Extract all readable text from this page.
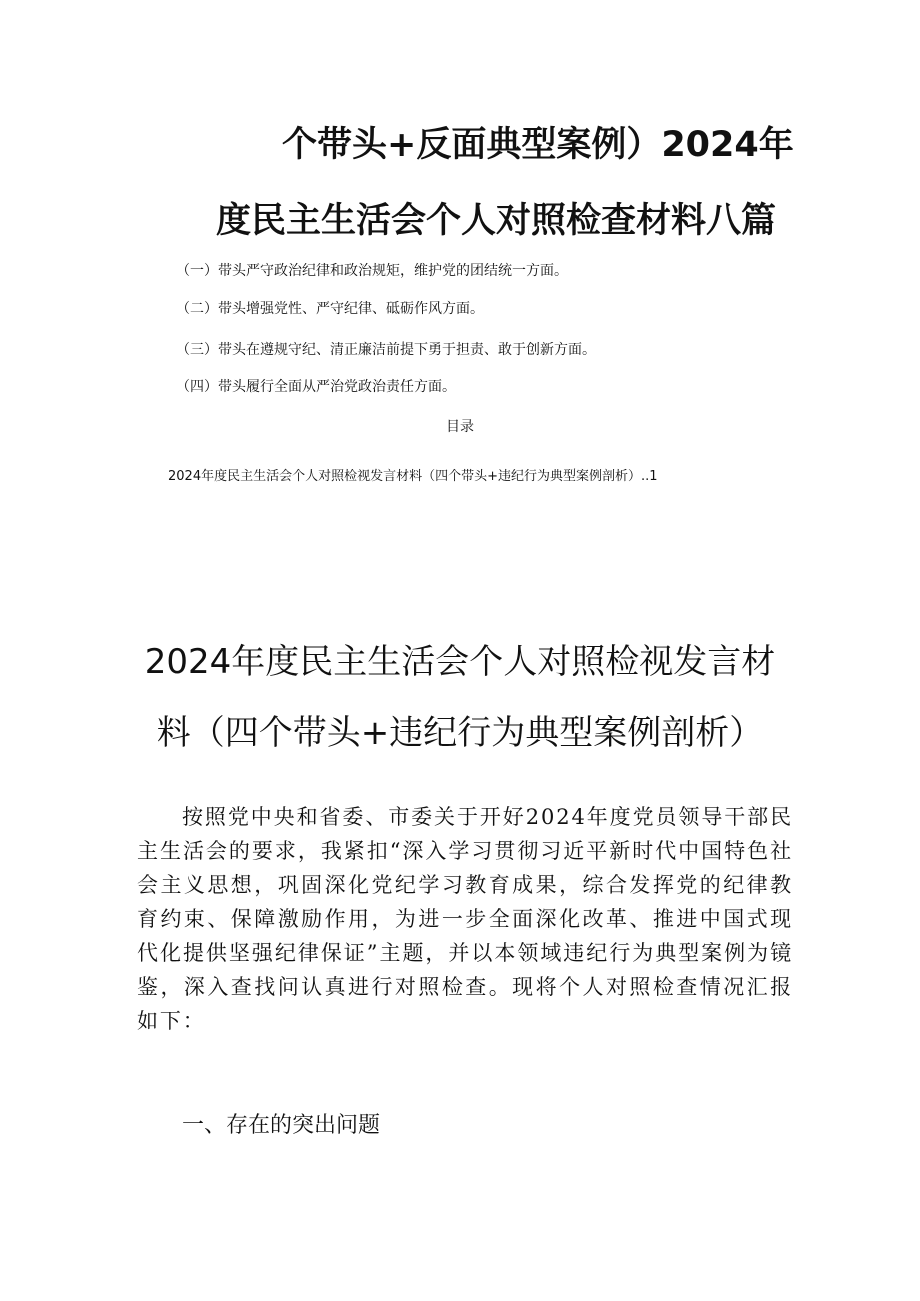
个带头+反面典型案例）2024年
度民主生活会个人对照检查材料八篇
（一）带头严守政治纪律和政治规矩，维护党的团结统一方面。
（二）带头增强党性、严守纪律、砥砺作风方面。
（三）带头在遵规守纪、清正廉洁前提下勇于担责、敢于创新方面。
（四）带头履行全面从严治党政治责任方面。
目录
2024年度民主生活会个人对照检视发言材料（四个带头+违纪行为典型案例剖析）..1
2024年度民主生活会个人对照检视发言材
料（四个带头+违纪行为典型案例剖析）
按照党中央和省委、市委关于开好2024年度党员领导干部民主生活会的要求，我紧扣“深入学习贯彻习近平新时代中国特色社会主义思想，巩固深化党纪学习教育成果，综合发挥党的纪律教育约束、保障激励作用，为进一步全面深化改革、推进中国式现代化提供坚强纪律保证”主题，并以本领域违纪行为典型案例为镜鉴，深入查找问认真进行对照检查。现将个人对照检查情况汇报如下：
一、存在的突出问题
